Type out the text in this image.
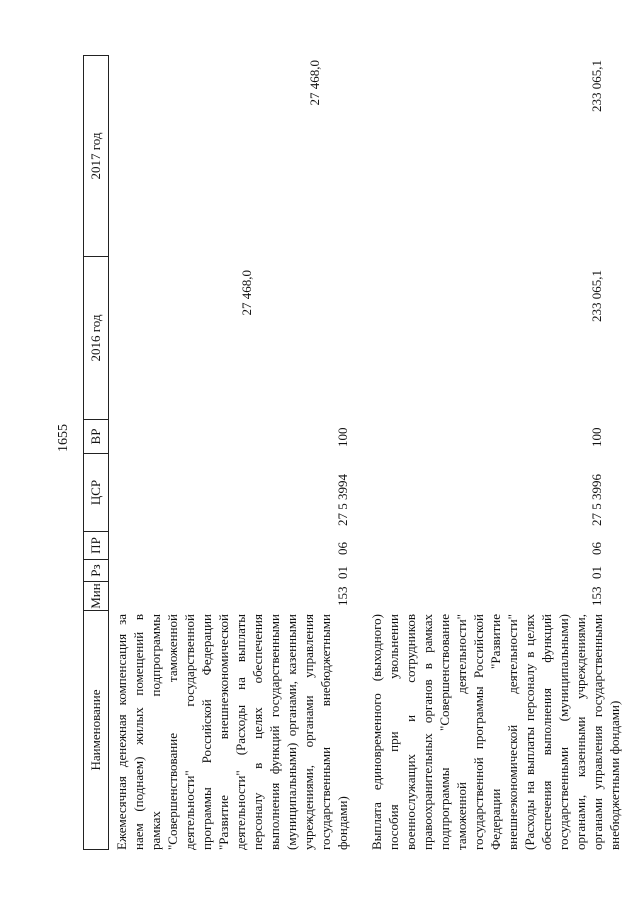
1655
Наименование
Мин
Рз
ПР
ЦСР
ВР
2016 год
2017 год
Ежемесячная денежная компенсация за наем (поднаем) жилых помещений в рамках подпрограммы "Совершенствование таможенной деятельности" государственной программы Российской Федерации "Развитие внешнеэкономической деятельности" (Расходы на выплаты персоналу в целях обеспечения выполнения функций государственными (муниципальными) органами, казенными учреждениями, органами управления государственными внебюджетными фондами)
153
01
06
27 5 3994
100
27 468,0
27 468,0
Выплата единовременного (выходного) пособия при увольнении военнослужащих и сотрудников правоохранительных органов в рамках подпрограммы "Совершенствование таможенной деятельности" государственной программы Российской Федерации "Развитие внешнеэкономической деятельности" (Расходы на выплаты персоналу в целях обеспечения выполнения функций государственными (муниципальными) органами, казенными учреждениями, органами управления государственными внебюджетными фондами)
153
01
06
27 5 3996
100
233 065,1
233 065,1
